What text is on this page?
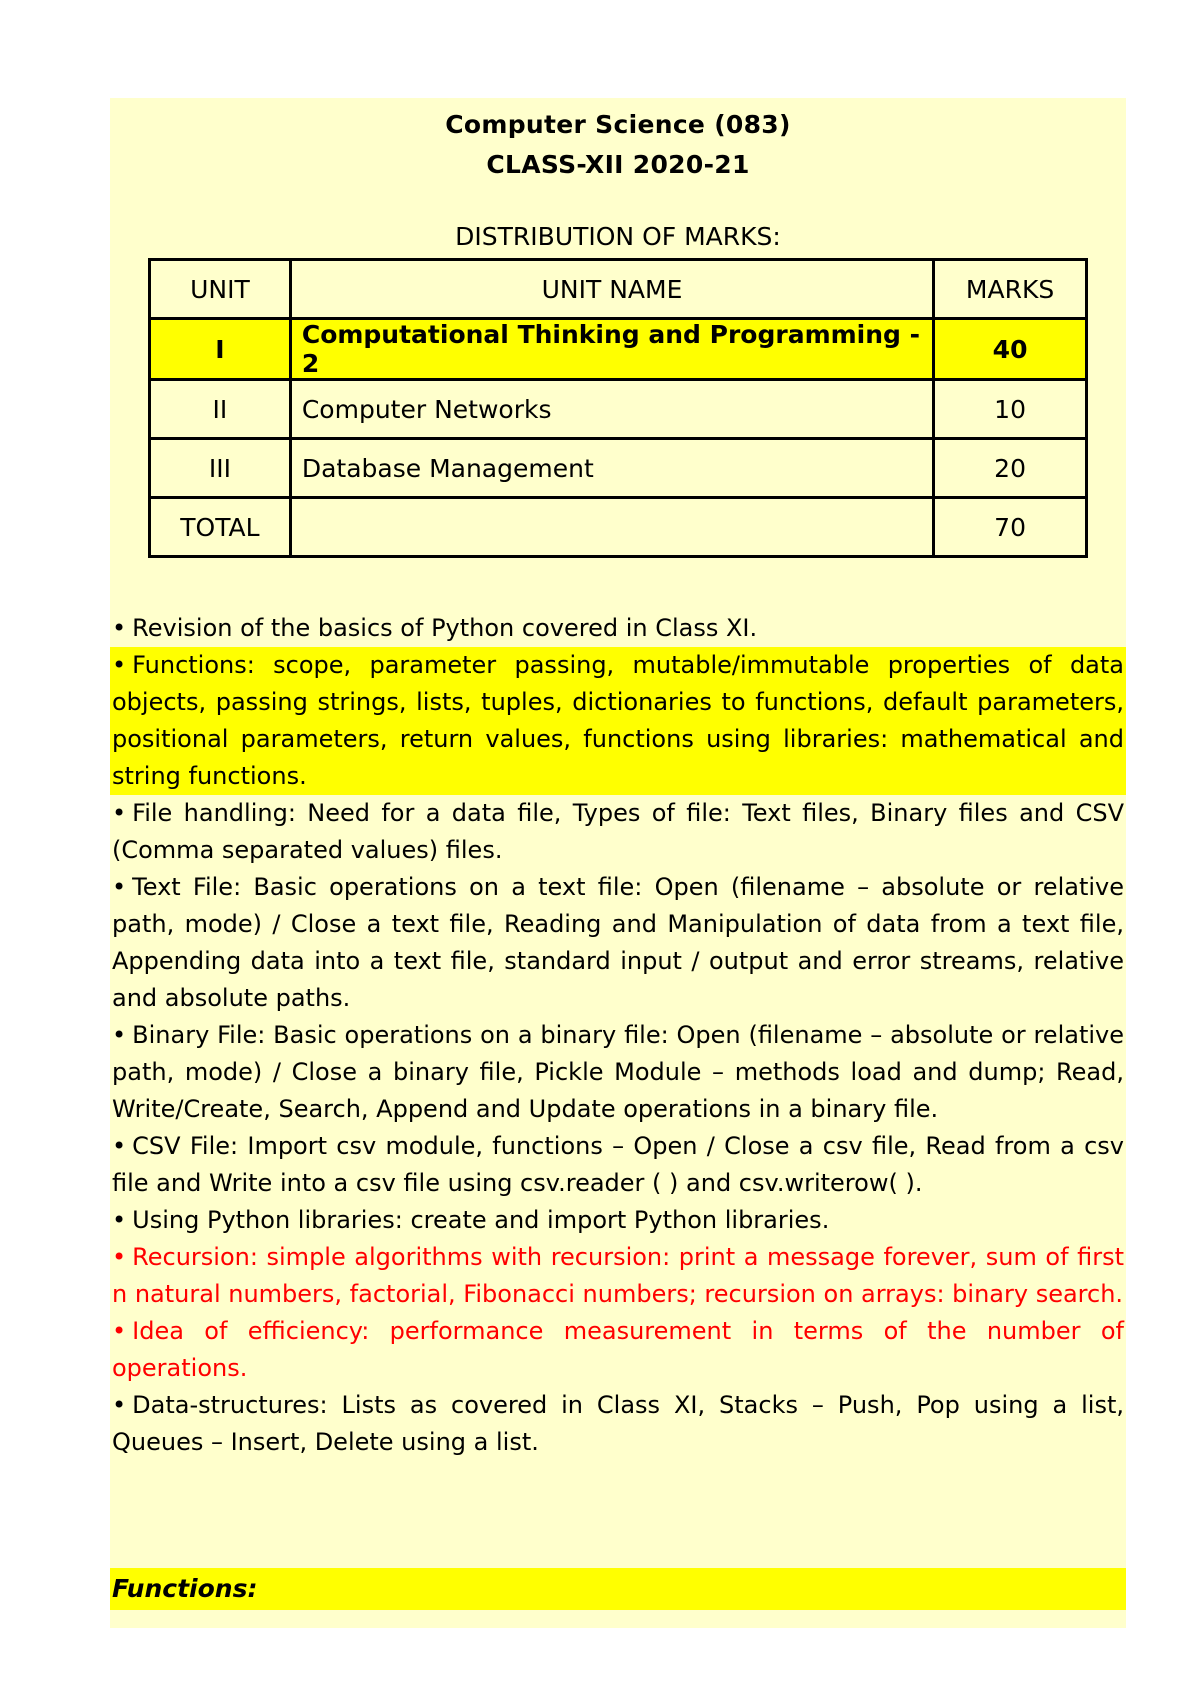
Computer Science (083)
CLASS-XII 2020-21
DISTRIBUTION OF MARKS:
UNIT	UNIT NAME	MARKS
I	Computational Thinking and Programming - 2	40
II	Computer Networks	10
III	Database Management	20
TOTAL		70
• Revision of the basics of Python covered in Class XI.
• Functions: scope, parameter passing, mutable/immutable properties of data objects, passing strings, lists, tuples, dictionaries to functions, default parameters, positional parameters, return values, functions using libraries: mathematical and string functions.
• File handling: Need for a data file, Types of file: Text files, Binary files and CSV (Comma separated values) files.
• Text File: Basic operations on a text file: Open (filename – absolute or relative path, mode) / Close a text file, Reading and Manipulation of data from a text file, Appending data into a text file, standard input / output and error streams, relative and absolute paths.
• Binary File: Basic operations on a binary file: Open (filename – absolute or relative path, mode) / Close a binary file, Pickle Module – methods load and dump; Read, Write/Create, Search, Append and Update operations in a binary file.
• CSV File: Import csv module, functions – Open / Close a csv file, Read from a csv file and Write into a csv file using csv.reader ( ) and csv.writerow( ).
• Using Python libraries: create and import Python libraries.
• Recursion: simple algorithms with recursion: print a message forever, sum of first n natural numbers, factorial, Fibonacci numbers; recursion on arrays: binary search.
• Idea of efficiency: performance measurement in terms of the number of operations.
• Data-structures: Lists as covered in Class XI, Stacks – Push, Pop using a list, Queues – Insert, Delete using a list.
Functions:
